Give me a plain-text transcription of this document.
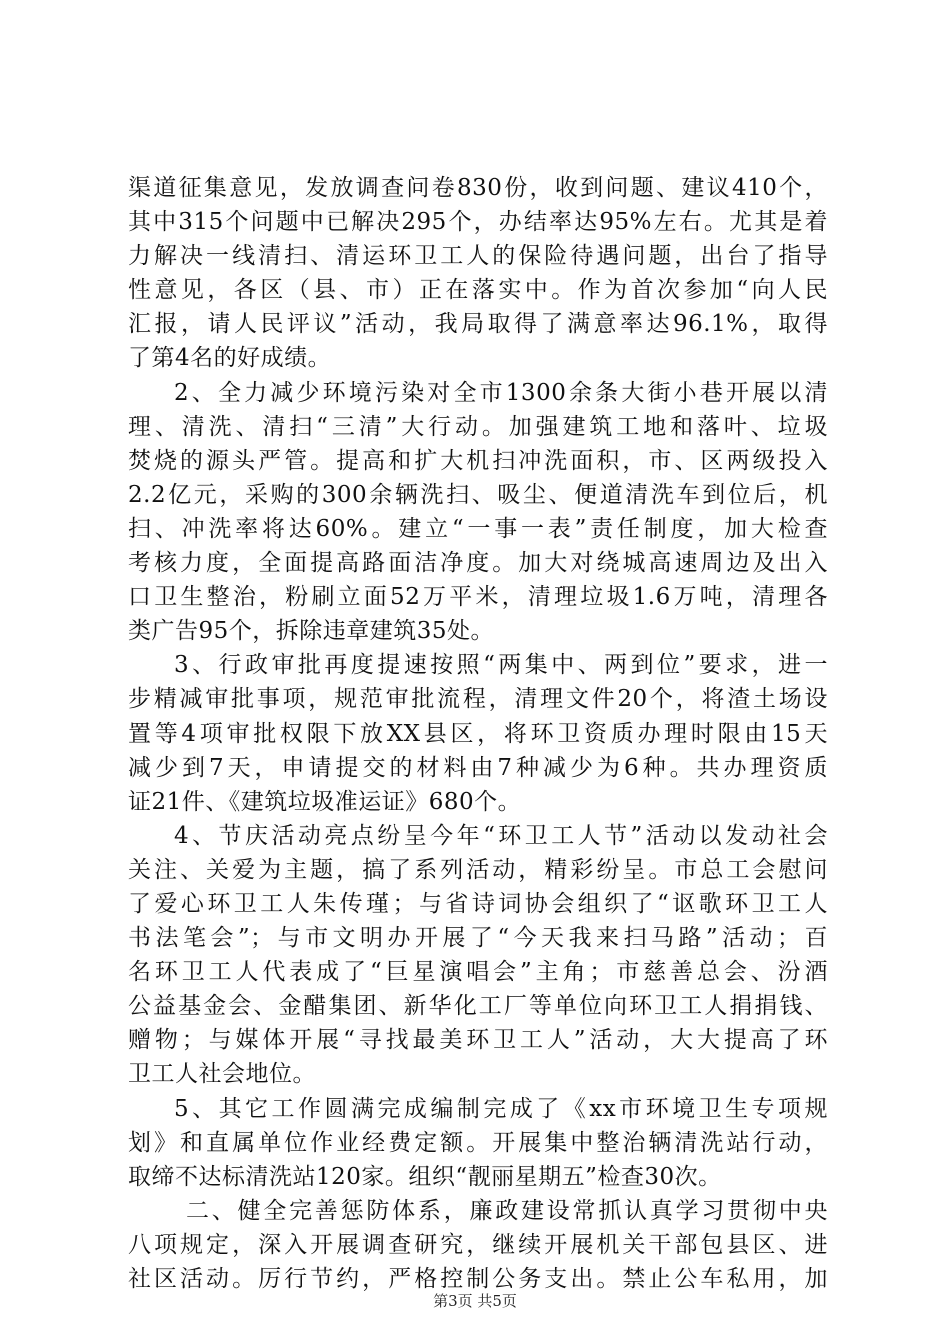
渠道征集意见，发放调查问卷830份，收到问题、建议410个，
其中315个问题中已解决295个，办结率达95%左右。尤其是着
力解决一线清扫、清运环卫工人的保险待遇问题，出台了指导
性意见，各区（县、市）正在落实中。作为首次参加“向人民
汇报，请人民评议”活动，我局取得了满意率达96.1%，取得
了第4名的好成绩。
2、全力减少环境污染对全市1300余条大街小巷开展以清
理、清洗、清扫“三清”大行动。加强建筑工地和落叶、垃圾
焚烧的源头严管。提高和扩大机扫冲洗面积，市、区两级投入
2.2亿元，采购的300余辆洗扫、吸尘、便道清洗车到位后，机
扫、冲洗率将达60%。建立“一事一表”责任制度，加大检查
考核力度，全面提高路面洁净度。加大对绕城高速周边及出入
口卫生整治，粉刷立面52万平米，清理垃圾1.6万吨，清理各
类广告95个，拆除违章建筑35处。
3、行政审批再度提速按照“两集中、两到位”要求，进一
步精减审批事项，规范审批流程，清理文件20个，将渣土场设
置等4项审批权限下放XX县区，将环卫资质办理时限由15天
减少到7天，申请提交的材料由7种减少为6种。共办理资质
证21件、《建筑垃圾准运证》680个。
4、节庆活动亮点纷呈今年“环卫工人节”活动以发动社会
关注、关爱为主题，搞了系列活动，精彩纷呈。市总工会慰问
了爱心环卫工人朱传瑾；与省诗词协会组织了“讴歌环卫工人
书法笔会”；与市文明办开展了“今天我来扫马路”活动；百
名环卫工人代表成了“巨星演唱会”主角；市慈善总会、汾酒
公益基金会、金醋集团、新华化工厂等单位向环卫工人捐捐钱、
赠物；与媒体开展“寻找最美环卫工人”活动，大大提高了环
卫工人社会地位。
5、其它工作圆满完成编制完成了《xx市环境卫生专项规
划》和直属单位作业经费定额。开展集中整治辆清洗站行动，
取缔不达标清洗站120家。组织“靓丽星期五”检查30次。
二、健全完善惩防体系，廉政建设常抓认真学习贯彻中央
八项规定，深入开展调查研究，继续开展机关干部包县区、进
社区活动。厉行节约，严格控制公务支出。禁止公车私用，加
第3页 共5页
